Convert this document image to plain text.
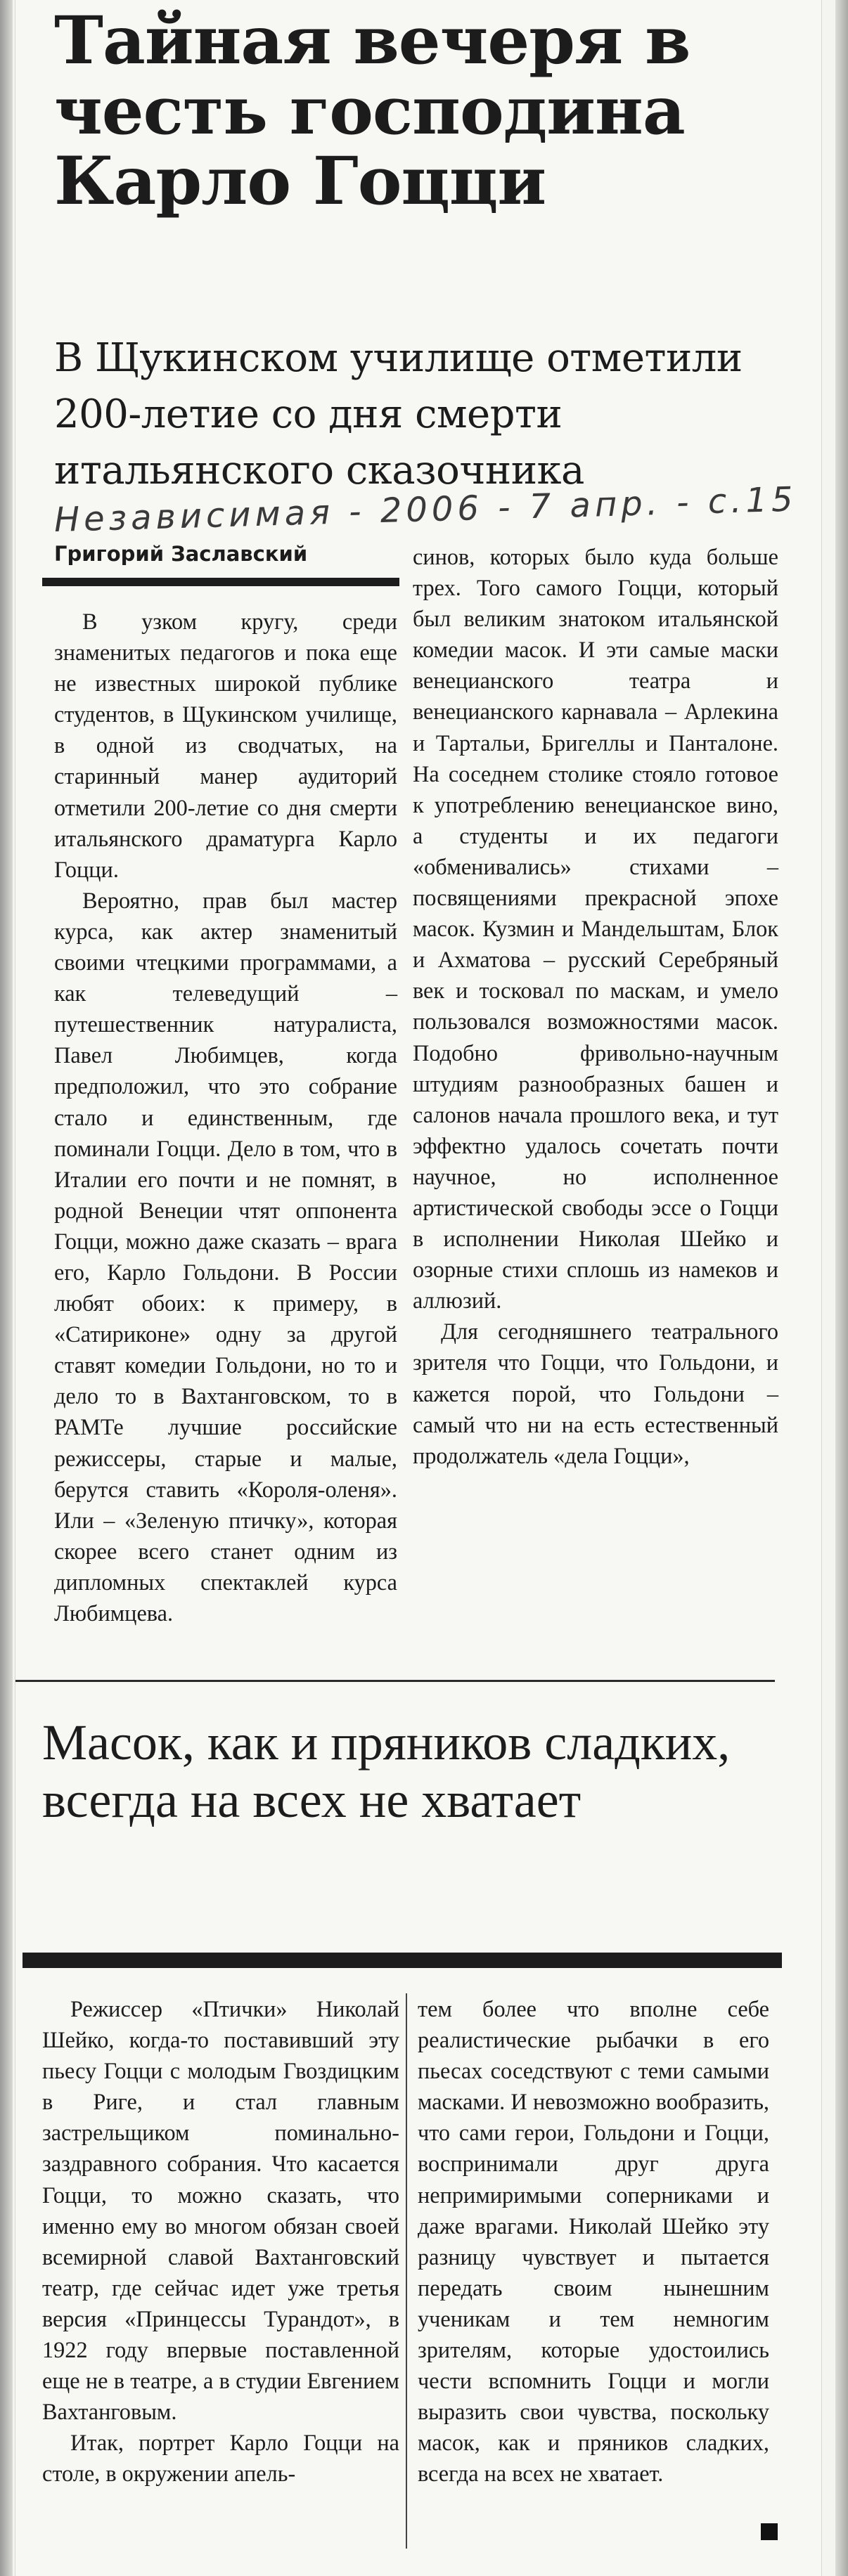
Тайная вечеря в честь господина Карло Гоцци
В Щукинском училище отметили 200-летие со дня смерти итальянского сказочника
Независимая - 2006 - 7 апр. - с.15
Григорий Заславский

В узком кругу, среди знаменитых педагогов и пока еще не известных широкой публике студентов, в Щукинском училище, в одной из сводчатых, на старинный манер аудиторий отметили 200-летие со дня смерти итальянского драматурга Карло Гоцци.

Вероятно, прав был мастер курса, как актер знаменитый своими чтецкими программами, а как телеведущий – путешественник натуралиста, Павел Любимцев, когда предположил, что это собрание стало и единственным, где поминали Гоцци. Дело в том, что в Италии его почти и не помнят, в родной Венеции чтят оппонента Гоцци, можно даже сказать – врага его, Карло Гольдони. В России любят обоих: к примеру, в «Сатириконе» одну за другой ставят комедии Гольдони, но то и дело то в Вахтанговском, то в РАМТе лучшие российские режиссеры, старые и малые, берутся ставить «Короля-оленя». Или – «Зеленую птичку», которая скорее всего станет одним из дипломных спектаклей курса Любимцева.

синов, которых было куда больше трех. Того самого Гоцци, который был великим знатоком итальянской комедии масок. И эти самые маски венецианского театра и венецианского карнавала – Арлекина и Тартальи, Бригеллы и Панталоне. На соседнем столике стояло готовое к употреблению венецианское вино, а студенты и их педагоги «обменивались» стихами – посвящениями прекрасной эпохе масок. Кузмин и Мандельштам, Блок и Ахматова – русский Серебряный век и тосковал по маскам, и умело пользовался возможностями масок. Подобно фривольно-научным штудиям разнообразных башен и салонов начала прошлого века, и тут эффектно удалось сочетать почти научное, но исполненное артистической свободы эссе о Гоцци в исполнении Николая Шейко и озорные стихи сплошь из намеков и аллюзий.

Для сегодняшнего театрального зрителя что Гоцци, что Гольдони, и кажется порой, что Гольдони – самый что ни на есть естественный продолжатель «дела Гоцци»,

Масок, как и пряников сладких, всегда на всех не хватает

Режиссер «Птички» Николай Шейко, когда-то поставивший эту пьесу Гоцци с молодым Гвоздицким в Риге, и стал главным застрельщиком поминально-заздравного собрания. Что касается Гоцци, то можно сказать, что именно ему во многом обязан своей всемирной славой Вахтанговский театр, где сейчас идет уже третья версия «Принцессы Турандот», в 1922 году впервые поставленной еще не в театре, а в студии Евгением Вахтанговым.

Итак, портрет Карло Гоцци на столе, в окружении апель-

тем более что вполне себе реалистические рыбачки в его пьесах соседствуют с теми самыми масками. И невозможно вообразить, что сами герои, Гольдони и Гоцци, воспринимали друг друга непримиримыми соперниками и даже врагами. Николай Шейко эту разницу чувствует и пытается передать своим нынешним ученикам и тем немногим зрителям, которые удостоились чести вспомнить Гоцци и могли выразить свои чувства, поскольку масок, как и пряников сладких, всегда на всех не хватает.
